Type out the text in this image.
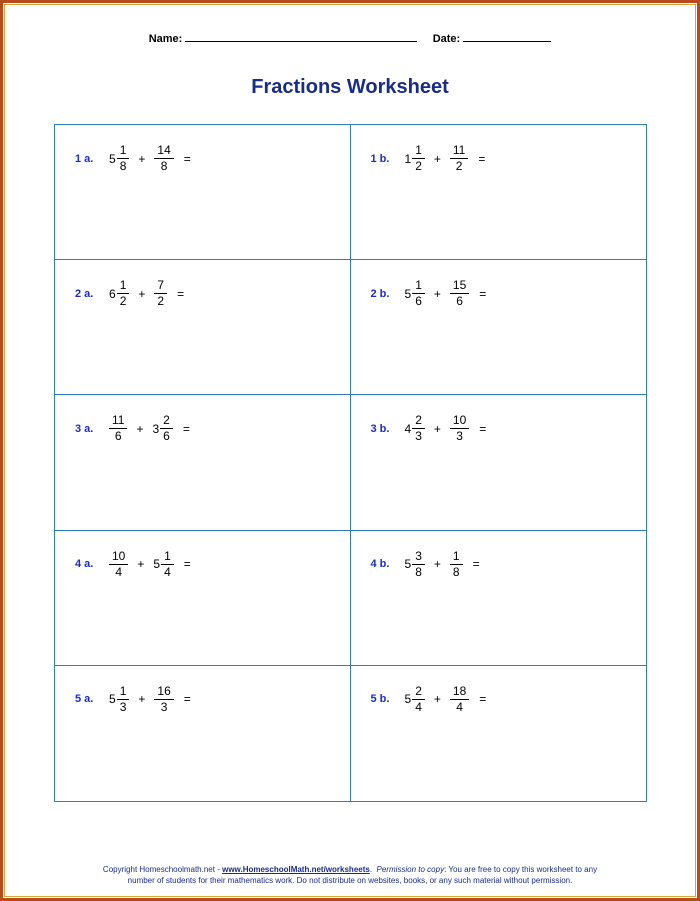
Name:	Date:
Fractions Worksheet
1 a.	$5 \frac{1}{8} + \frac{14}{8}$ =	1 b.	$1 \frac{1}{2} + \frac{11}{2}$ =
2 a.	$6 \frac{1}{2} + \frac{7}{2}$ =	2 b.	$5 \frac{1}{6} + \frac{15}{6}$ =
3 a.	$\frac{11}{6} + 3 \frac{2}{6}$ =	3 b.	$4 \frac{2}{3} + \frac{10}{3}$ =
4 a.	$\frac{10}{4} + 5 \frac{1}{4}$ =	4 b.	$5 \frac{3}{8} + \frac{1}{8}$ =
5 a.	$5 \frac{1}{3} + \frac{16}{3}$ =	5 b.	$5 \frac{2}{4} + \frac{18}{4}$ =
Copyright Homeschoolmath.net - www.HomeschoolMath.net/worksheets.  Permission to copy: You are free to copy this worksheet to any
number of students for their mathematics work. Do not distribute on websites, books, or any such material without permission.
